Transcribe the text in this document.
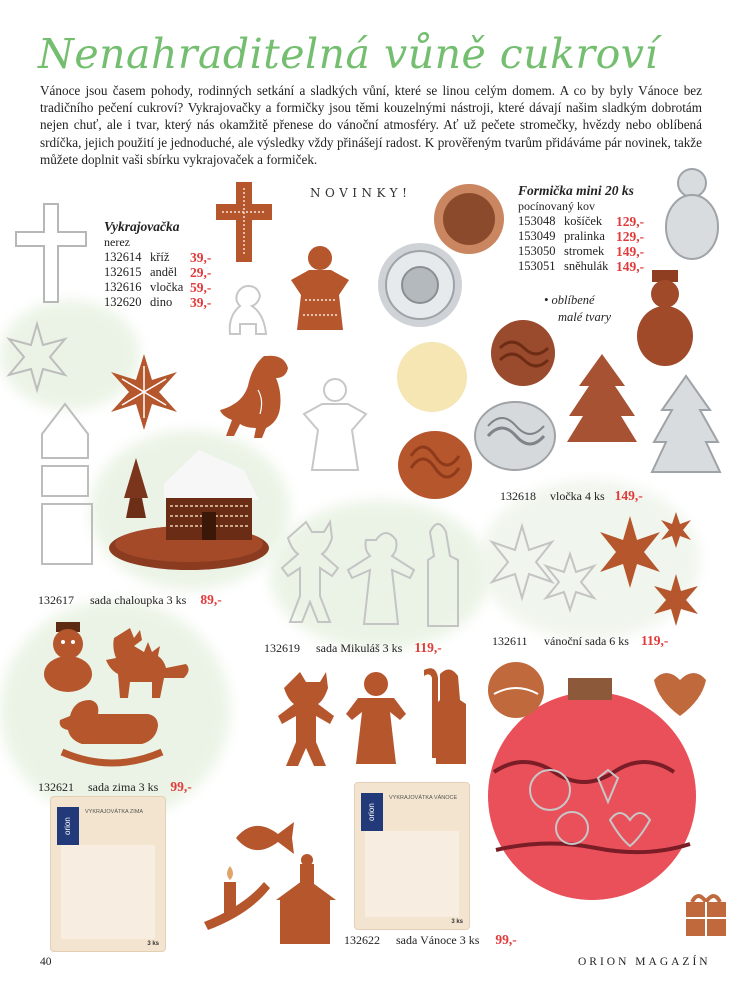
Nenahraditelná vůně cukroví
Vánoce jsou časem pohody, rodinných setkání a sladkých vůní, které se linou celým domem. A co by byly Vánoce bez tradičního pečení cukroví? Vykrajovačky a formičky jsou těmi kouzelnými nástroji, které dávají našim sladkým dobrotám nejen chuť, ale i tvar, který nás okamžitě přenese do vánoční atmosféry. Ať už pečete stromečky, hvězdy nebo oblíbená srdíčka, jejich použití je jednoduché, ale výsledky vždy přinášejí radost. K prověřeným tvarům přidáváme pár novinek, takže můžete doplnit vaši sbírku vykrajovaček a formiček.
NOVINKY!
Vykrajovačka
nerez
132614 kříž 39,-
132615 anděl 29,-
132616 vločka 59,-
132620 dino 39,-
132617 sada chaloupka 3 ks 89,-
Formička mini 20 ks
pocínovaný kov
153048 košíček 129,-
153049 pralinka 129,-
153050 stromek 149,-
153051 sněhulák 149,-
• oblíbené
malé tvary
132618 vločka 4 ks 149,-
132619 sada Mikuláš 3 ks 119,-	132611 vánoční sada 6 ks 119,-
132621 sada zima 3 ks 99,-
orion
VYKRAJOVÁTKA ZIMA
3 ks
orion
VYKRAJOVÁTKA VÁNOCE
3 ks
132622 sada Vánoce 3 ks 99,-
40	ORION MAGAZÍN
